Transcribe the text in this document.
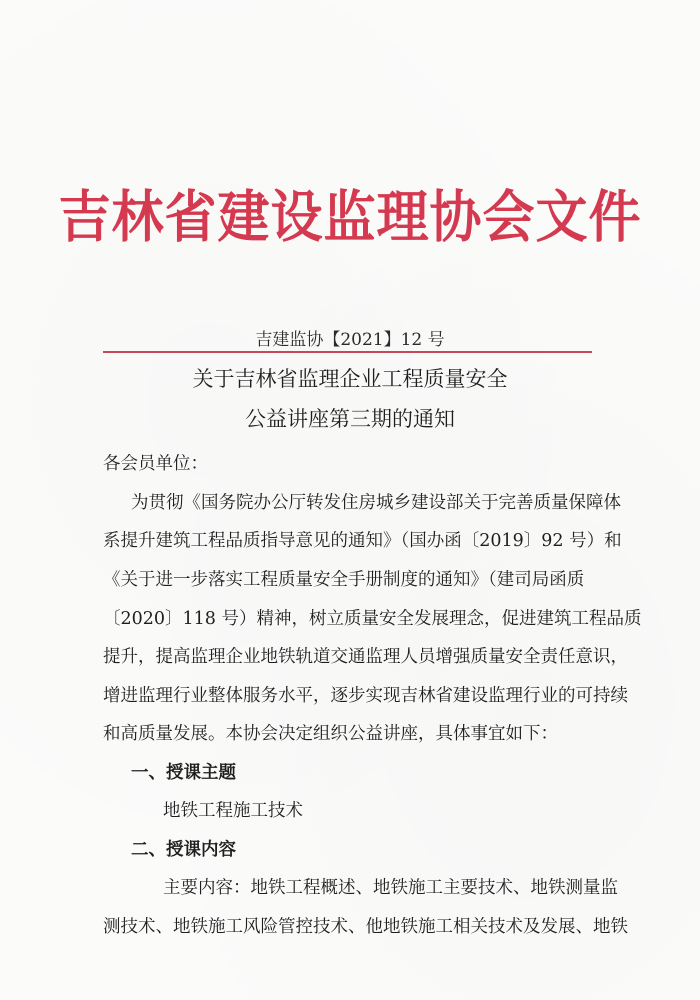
吉林省建设监理协会文件
吉建监协【2021】12 号
关于吉林省监理企业工程质量安全
公益讲座第三期的通知
各会员单位：
为贯彻《国务院办公厅转发住房城乡建设部关于完善质量保障体
系提升建筑工程品质指导意见的通知》（国办函〔2019〕92 号）和
《关于进一步落实工程质量安全手册制度的通知》（建司局函质
〔2020〕118 号）精神，树立质量安全发展理念，促进建筑工程品质
提升，提高监理企业地铁轨道交通监理人员增强质量安全责任意识，
增进监理行业整体服务水平，逐步实现吉林省建设监理行业的可持续
和高质量发展。本协会决定组织公益讲座，具体事宜如下：
一、授课主题
地铁工程施工技术
二、授课内容
主要内容：地铁工程概述、地铁施工主要技术、地铁测量监
测技术、地铁施工风险管控技术、他地铁施工相关技术及发展、地铁
